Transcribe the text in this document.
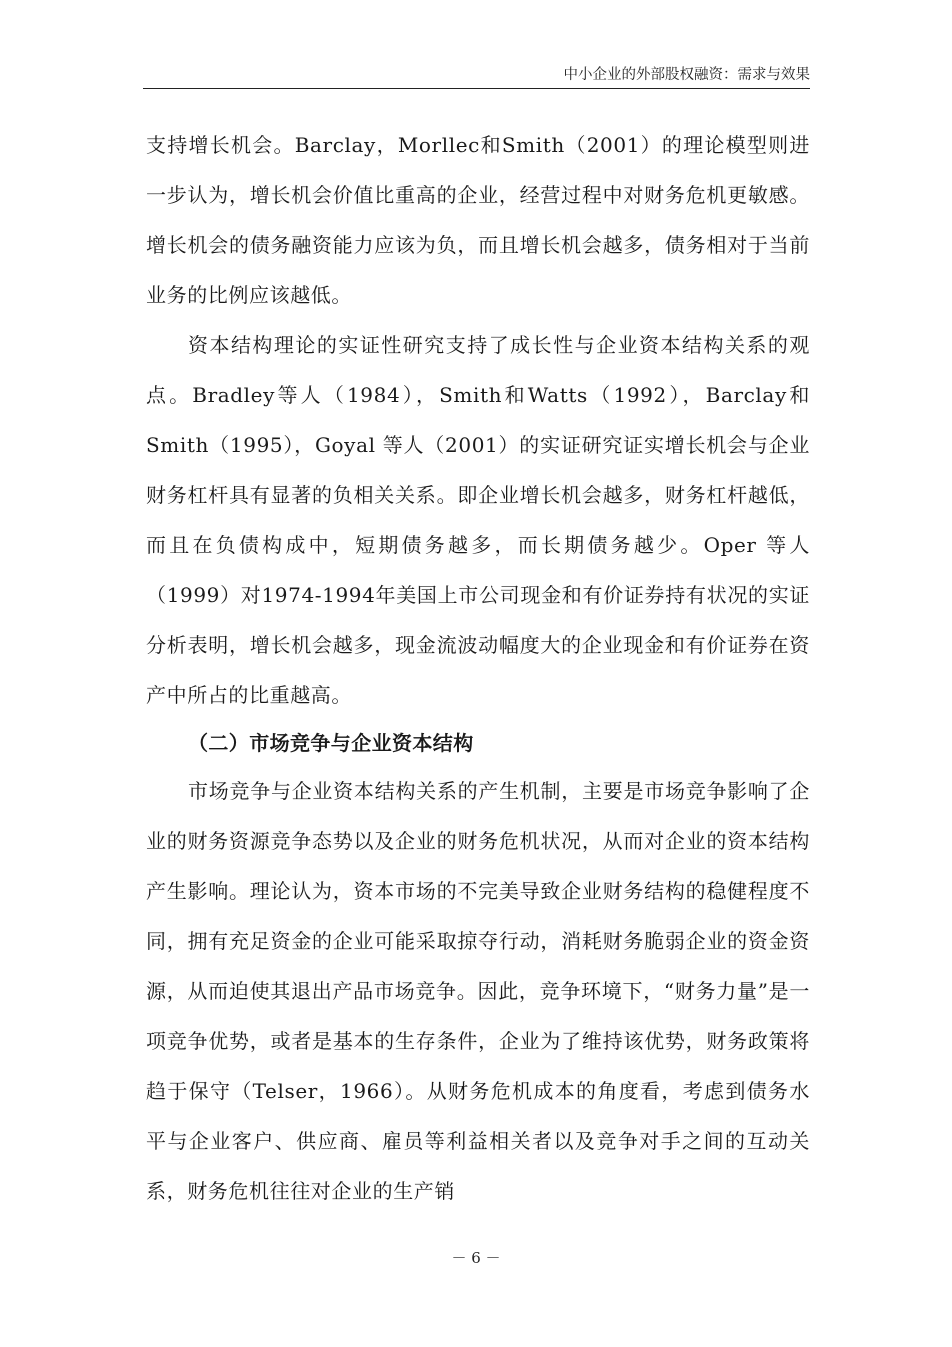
中小企业的外部股权融资：需求与效果

支持增长机会。Barclay，Morllec和Smith（2001）的理论模型则进一步认为，增长机会价值比重高的企业，经营过程中对财务危机更敏感。增长机会的债务融资能力应该为负，而且增长机会越多，债务相对于当前业务的比例应该越低。

资本结构理论的实证性研究支持了成长性与企业资本结构关系的观点。Bradley等人（1984），Smith和Watts（1992），Barclay和Smith（1995），Goyal 等人（2001）的实证研究证实增长机会与企业财务杠杆具有显著的负相关关系。即企业增长机会越多，财务杠杆越低，而且在负债构成中，短期债务越多，而长期债务越少。Oper 等人（1999）对1974-1994年美国上市公司现金和有价证券持有状况的实证分析表明，增长机会越多，现金流波动幅度大的企业现金和有价证券在资产中所占的比重越高。

（二）市场竞争与企业资本结构

市场竞争与企业资本结构关系的产生机制，主要是市场竞争影响了企业的财务资源竞争态势以及企业的财务危机状况，从而对企业的资本结构产生影响。理论认为，资本市场的不完美导致企业财务结构的稳健程度不同，拥有充足资金的企业可能采取掠夺行动，消耗财务脆弱企业的资金资源，从而迫使其退出产品市场竞争。因此，竞争环境下，“财务力量”是一项竞争优势，或者是基本的生存条件，企业为了维持该优势，财务政策将趋于保守（Telser，1966）。从财务危机成本的角度看，考虑到债务水平与企业客户、供应商、雇员等利益相关者以及竞争对手之间的互动关系，财务危机往往对企业的生产销

－ 6 －
